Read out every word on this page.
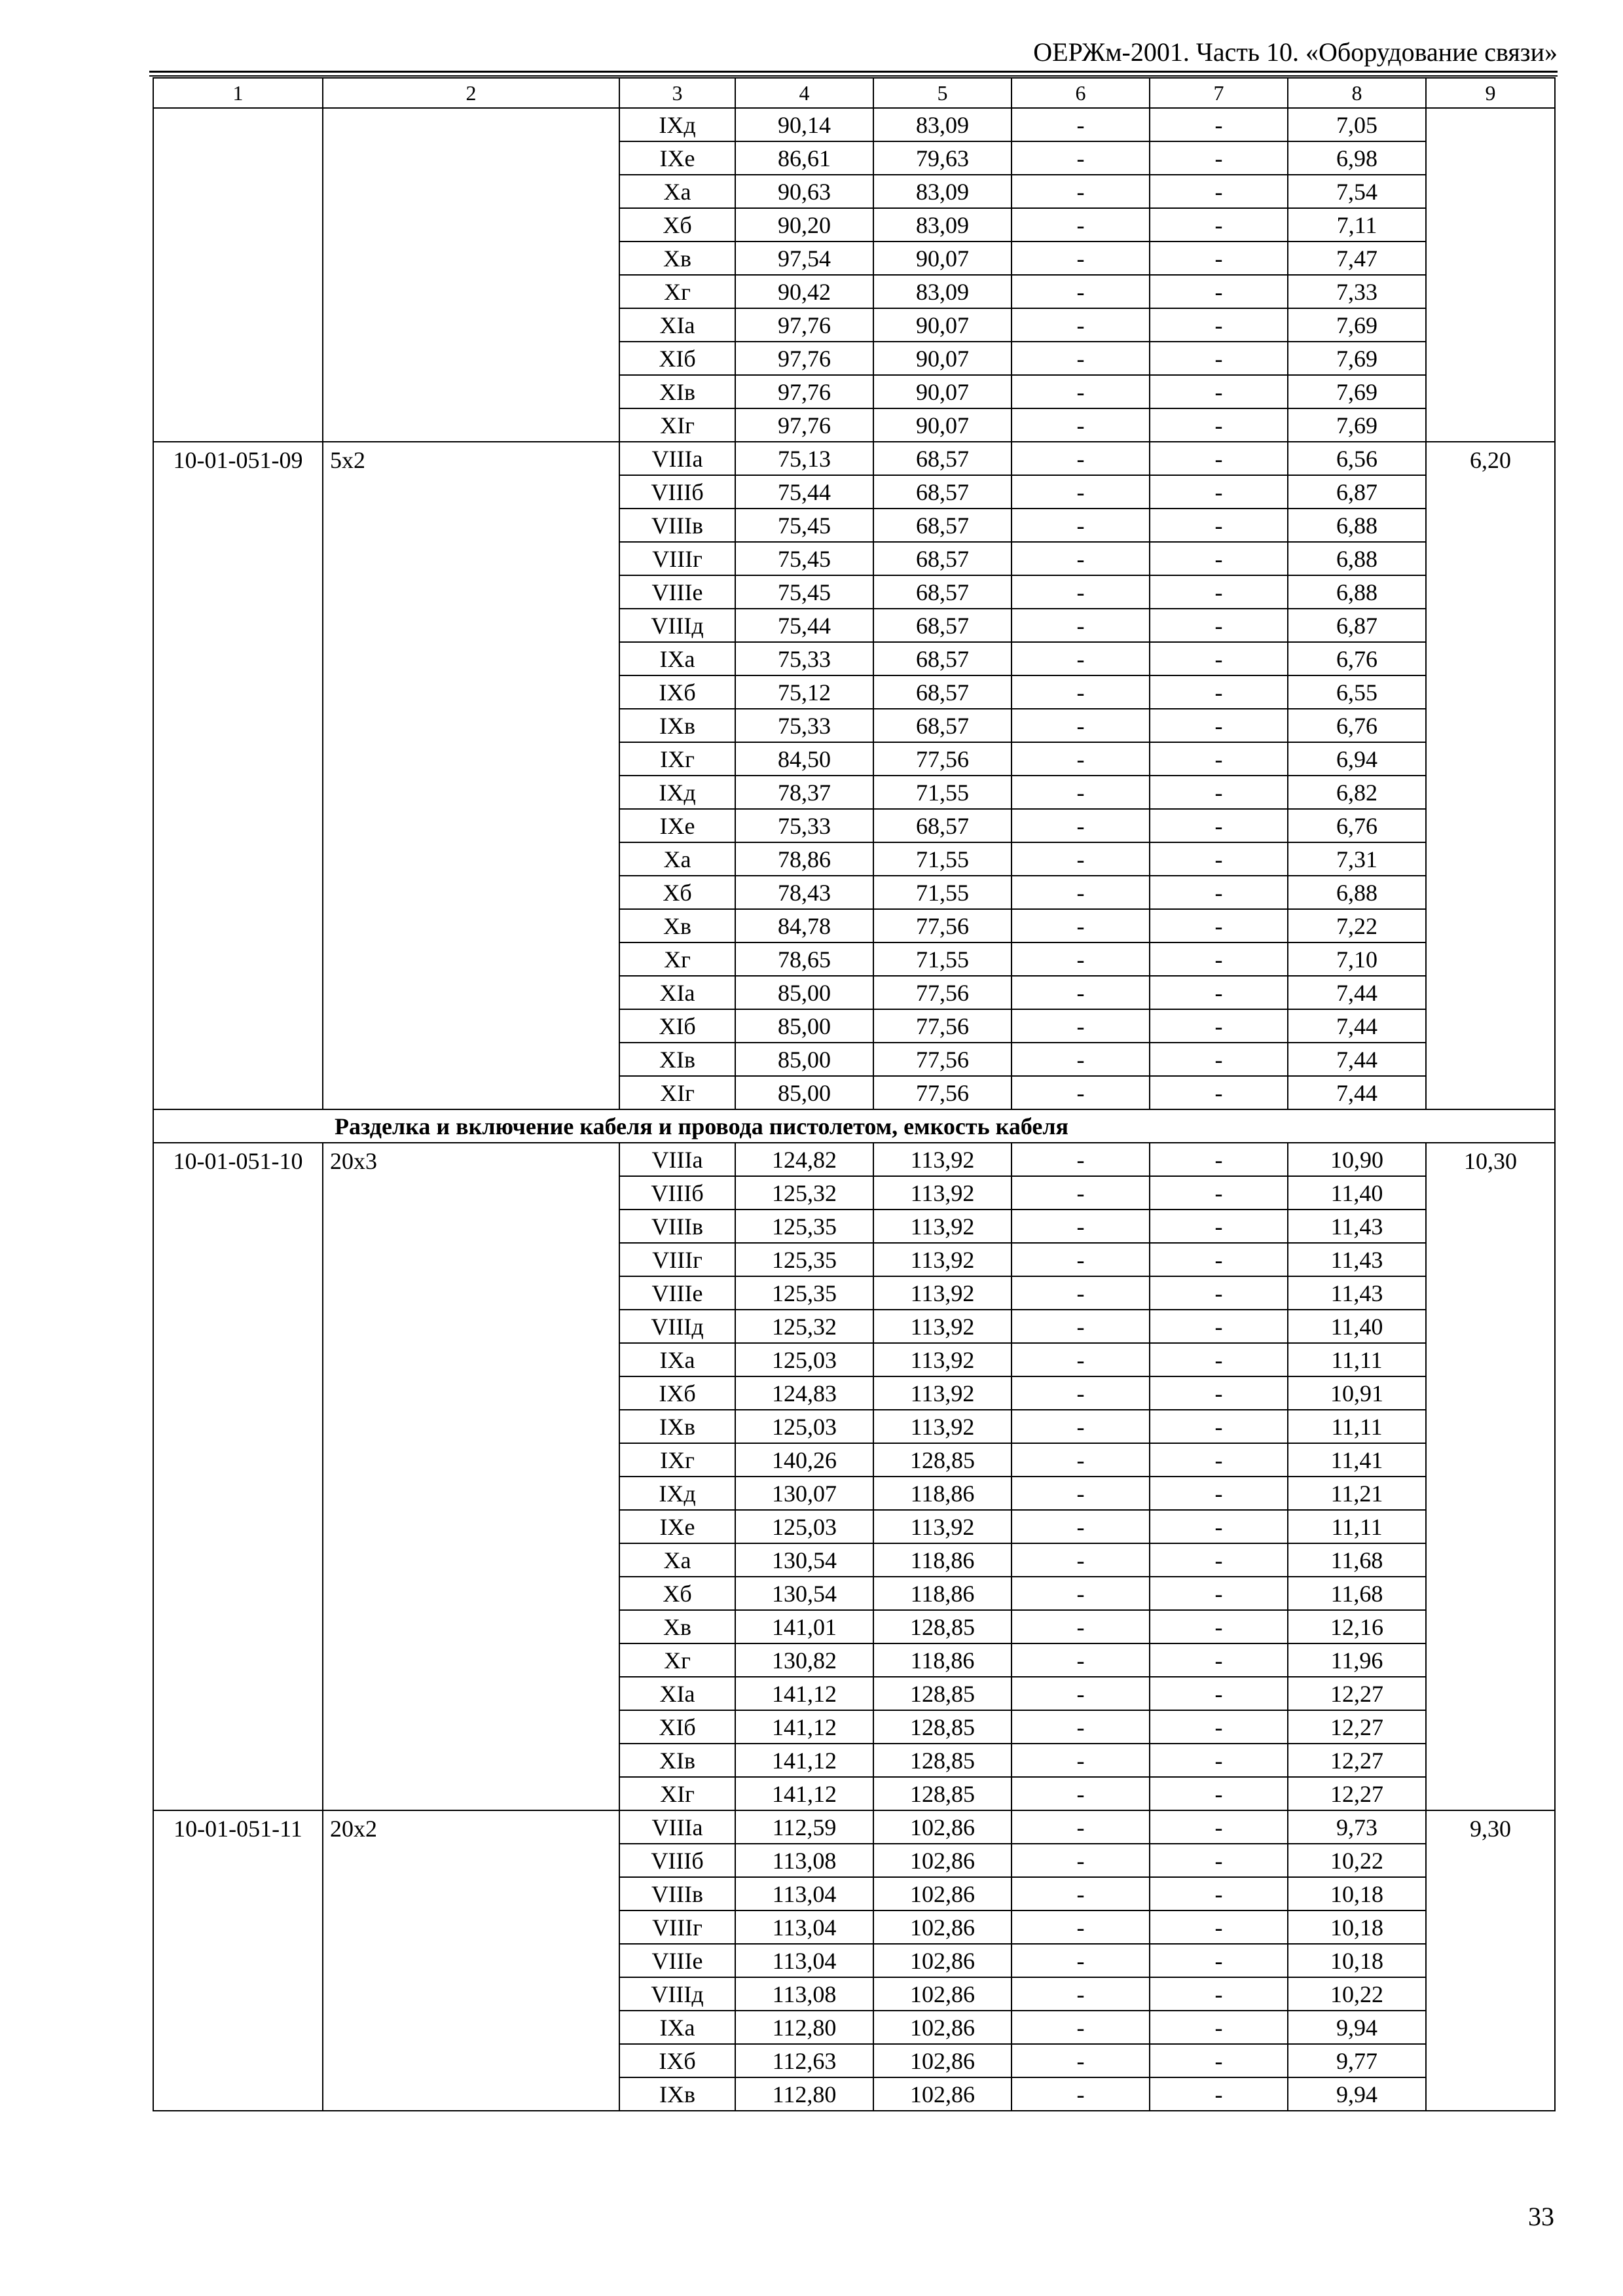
ОЕРЖм-2001. Часть 10. «Оборудование связи»
1	2	3	4	5	6	7	8	9
		IXд	90,14	83,09	-	-	7,05	
		IXе	86,61	79,63	-	-	6,98	
		Xа	90,63	83,09	-	-	7,54	
		Xб	90,20	83,09	-	-	7,11	
		Xв	97,54	90,07	-	-	7,47	
		Xг	90,42	83,09	-	-	7,33	
		XIа	97,76	90,07	-	-	7,69	
		XIб	97,76	90,07	-	-	7,69	
		XIв	97,76	90,07	-	-	7,69	
		XIг	97,76	90,07	-	-	7,69	
10-01-051-09	5х2	VIIIа	75,13	68,57	-	-	6,56	6,20
		VIIIб	75,44	68,57	-	-	6,87	
		VIIIв	75,45	68,57	-	-	6,88	
		VIIIг	75,45	68,57	-	-	6,88	
		VIIIе	75,45	68,57	-	-	6,88	
		VIIIд	75,44	68,57	-	-	6,87	
		IXа	75,33	68,57	-	-	6,76	
		IXб	75,12	68,57	-	-	6,55	
		IXв	75,33	68,57	-	-	6,76	
		IXг	84,50	77,56	-	-	6,94	
		IXд	78,37	71,55	-	-	6,82	
		IXе	75,33	68,57	-	-	6,76	
		Xа	78,86	71,55	-	-	7,31	
		Xб	78,43	71,55	-	-	6,88	
		Xв	84,78	77,56	-	-	7,22	
		Xг	78,65	71,55	-	-	7,10	
		XIа	85,00	77,56	-	-	7,44	
		XIб	85,00	77,56	-	-	7,44	
		XIв	85,00	77,56	-	-	7,44	
		XIг	85,00	77,56	-	-	7,44	
Разделка и включение кабеля и провода пистолетом, емкость кабеля								
10-01-051-10	20х3	VIIIа	124,82	113,92	-	-	10,90	10,30
		VIIIб	125,32	113,92	-	-	11,40	
		VIIIв	125,35	113,92	-	-	11,43	
		VIIIг	125,35	113,92	-	-	11,43	
		VIIIе	125,35	113,92	-	-	11,43	
		VIIIд	125,32	113,92	-	-	11,40	
		IXа	125,03	113,92	-	-	11,11	
		IXб	124,83	113,92	-	-	10,91	
		IXв	125,03	113,92	-	-	11,11	
		IXг	140,26	128,85	-	-	11,41	
		IXд	130,07	118,86	-	-	11,21	
		IXе	125,03	113,92	-	-	11,11	
		Xа	130,54	118,86	-	-	11,68	
		Xб	130,54	118,86	-	-	11,68	
		Xв	141,01	128,85	-	-	12,16	
		Xг	130,82	118,86	-	-	11,96	
		XIа	141,12	128,85	-	-	12,27	
		XIб	141,12	128,85	-	-	12,27	
		XIв	141,12	128,85	-	-	12,27	
		XIг	141,12	128,85	-	-	12,27	
10-01-051-11	20х2	VIIIа	112,59	102,86	-	-	9,73	9,30
		VIIIб	113,08	102,86	-	-	10,22	
		VIIIв	113,04	102,86	-	-	10,18	
		VIIIг	113,04	102,86	-	-	10,18	
		VIIIе	113,04	102,86	-	-	10,18	
		VIIIд	113,08	102,86	-	-	10,22	
		IXа	112,80	102,86	-	-	9,94	
		IXб	112,63	102,86	-	-	9,77	
		IXв	112,80	102,86	-	-	9,94	
33
